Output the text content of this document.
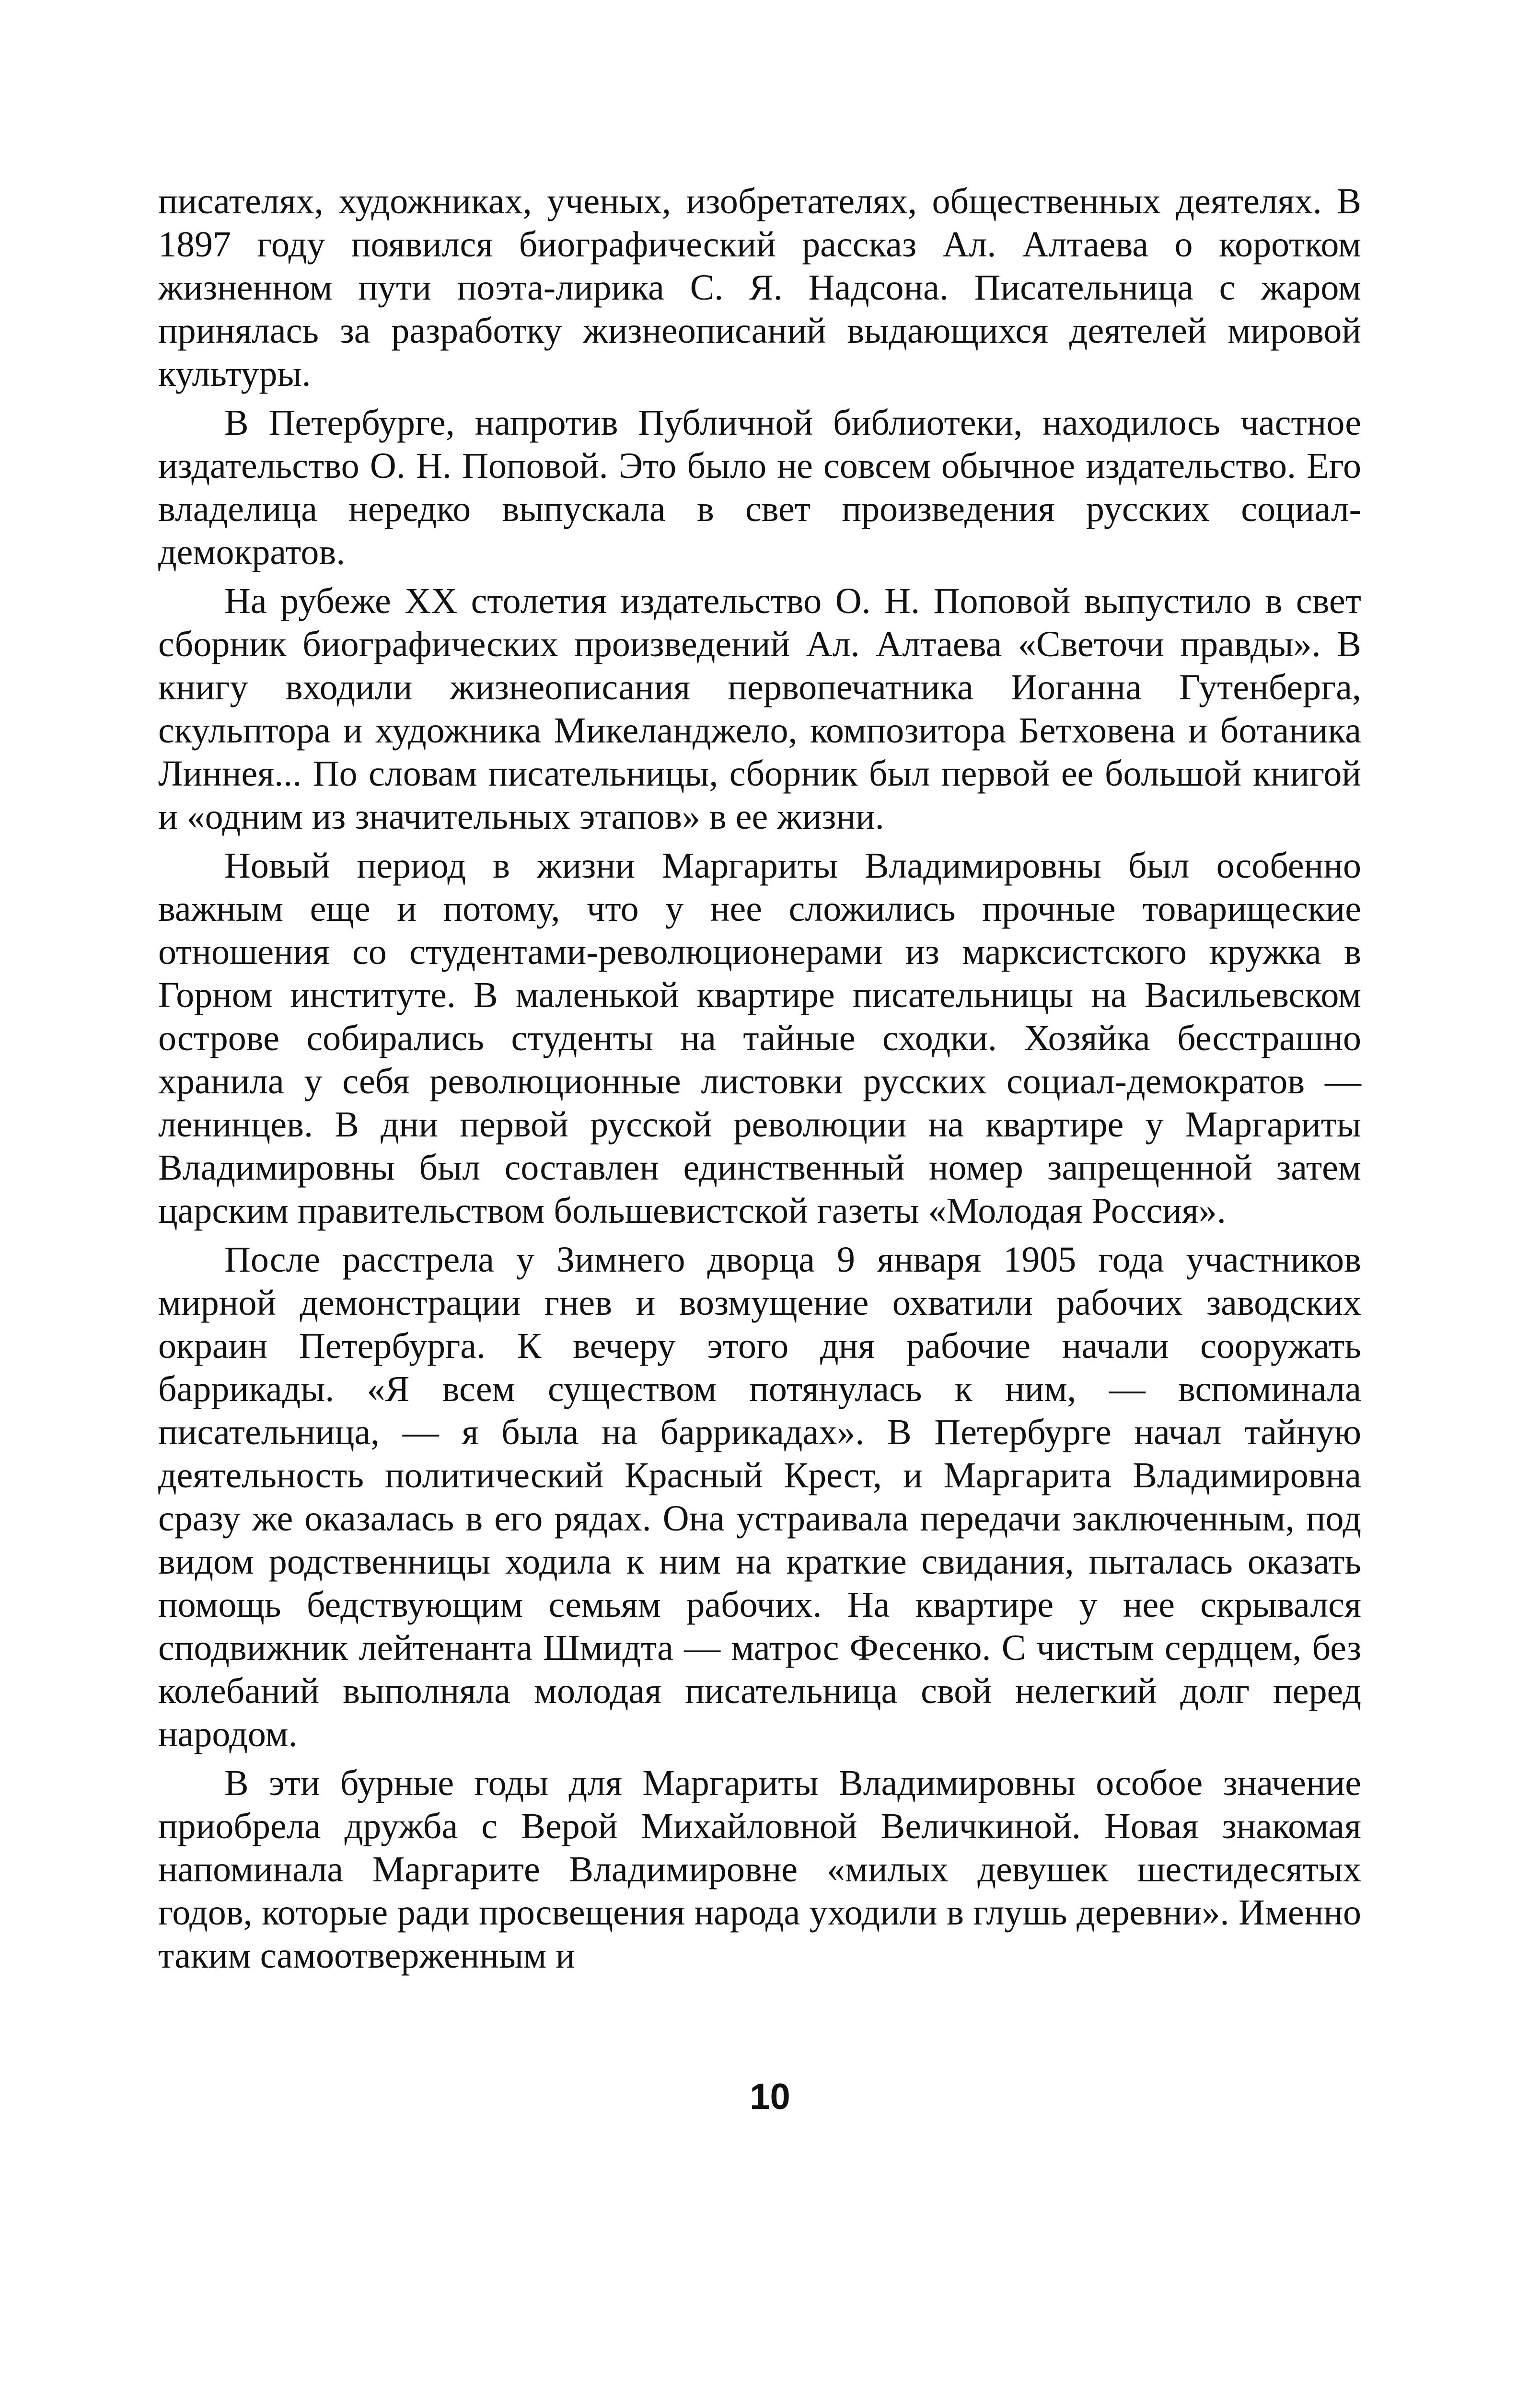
писателях, художниках, ученых, изобретателях, общественных деятелях. В 1897 году появился биографический рассказ Ал. Алтаева о коротком жизненном пути поэта-лирика С. Я. Надсона. Писательница с жаром принялась за разработку жизнеописаний выдающихся деятелей мировой культуры.

В Петербурге, напротив Публичной библиотеки, находилось частное издательство О. Н. Поповой. Это было не совсем обычное издательство. Его владелица нередко выпускала в свет произведения русских социал-демократов.

На рубеже XX столетия издательство О. Н. Поповой выпустило в свет сборник биографических произведений Ал. Алтаева «Светочи правды». В книгу входили жизнеописания первопечатника Иоганна Гутенберга, скульптора и художника Микеланджело, композитора Бетховена и ботаника Линнея... По словам писательницы, сборник был первой ее большой книгой и «одним из значительных этапов» в ее жизни.

Новый период в жизни Маргариты Владимировны был особенно важным еще и потому, что у нее сложились прочные товарищеские отношения со студентами-революционерами из марксистского кружка в Горном институте. В маленькой квартире писательницы на Васильевском острове собирались студенты на тайные сходки. Хозяйка бесстрашно хранила у себя революционные листовки русских социал-демократов — ленинцев. В дни первой русской революции на квартире у Маргариты Владимировны был составлен единственный номер запрещенной затем царским правительством большевистской газеты «Молодая Россия».

После расстрела у Зимнего дворца 9 января 1905 года участников мирной демонстрации гнев и возмущение охватили рабочих заводских окраин Петербурга. К вечеру этого дня рабочие начали сооружать баррикады. «Я всем существом потянулась к ним, — вспоминала писательница, — я была на баррикадах». В Петербурге начал тайную деятельность политический Красный Крест, и Маргарита Владимировна сразу же оказалась в его рядах. Она устраивала передачи заключенным, под видом родственницы ходила к ним на краткие свидания, пыталась оказать помощь бедствующим семьям рабочих. На квартире у нее скрывался сподвижник лейтенанта Шмидта — матрос Фесенко. С чистым сердцем, без колебаний выполняла молодая писательница свой нелегкий долг перед народом.

В эти бурные годы для Маргариты Владимировны особое значение приобрела дружба с Верой Михайловной Величкиной. Новая знакомая напоминала Маргарите Владимировне «милых девушек шестидесятых годов, которые ради просвещения народа уходили в глушь деревни». Именно таким самоотверженным и

10
